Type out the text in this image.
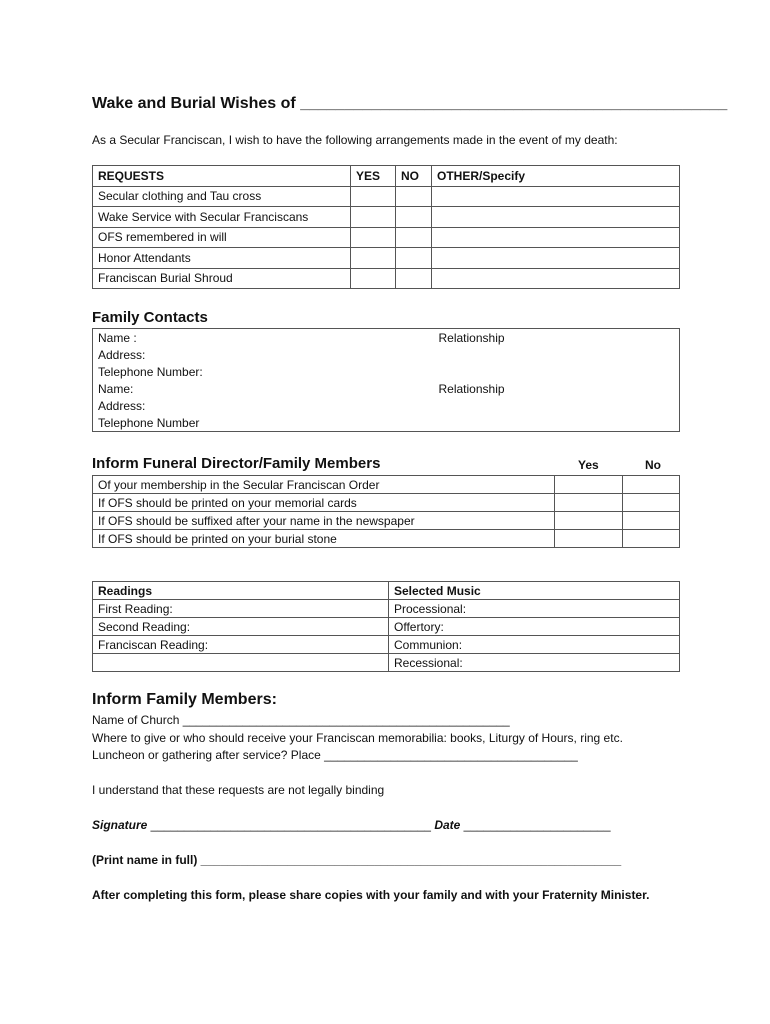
Wake and Burial Wishes of ________________________________________________
As a Secular Franciscan, I wish to have the following arrangements made in the event of my death:
REQUESTS	YES	NO	OTHER/Specify
Secular clothing and Tau cross			
Wake Service with Secular Franciscans			
OFS remembered in will			
Honor Attendants			
Franciscan Burial Shroud			
Family Contacts
Name :	Relationship
Address:	
Telephone Number:	
Name:	Relationship
Address:	
Telephone Number	
Inform Funeral Director/Family Members	Yes	No
Of your membership in the Secular Franciscan Order		
If OFS should be printed on your memorial cards		
If OFS should be suffixed after your name in the newspaper		
If OFS should be printed on your burial stone		
Readings	Selected Music
First Reading:	Processional:
Second Reading:	Offertory:
Franciscan Reading:	Communion:
	Recessional:
Inform Family Members:
Name of Church _________________________________________________
Where to give or who should receive your Franciscan memorabilia: books, Liturgy of Hours, ring etc.
Luncheon or gathering after service? Place ______________________________________
I understand that these requests are not legally binding
Signature __________________________________________ Date ______________________
(Print name in full) _______________________________________________________________
After completing this form, please share copies with your family and with your Fraternity Minister.
